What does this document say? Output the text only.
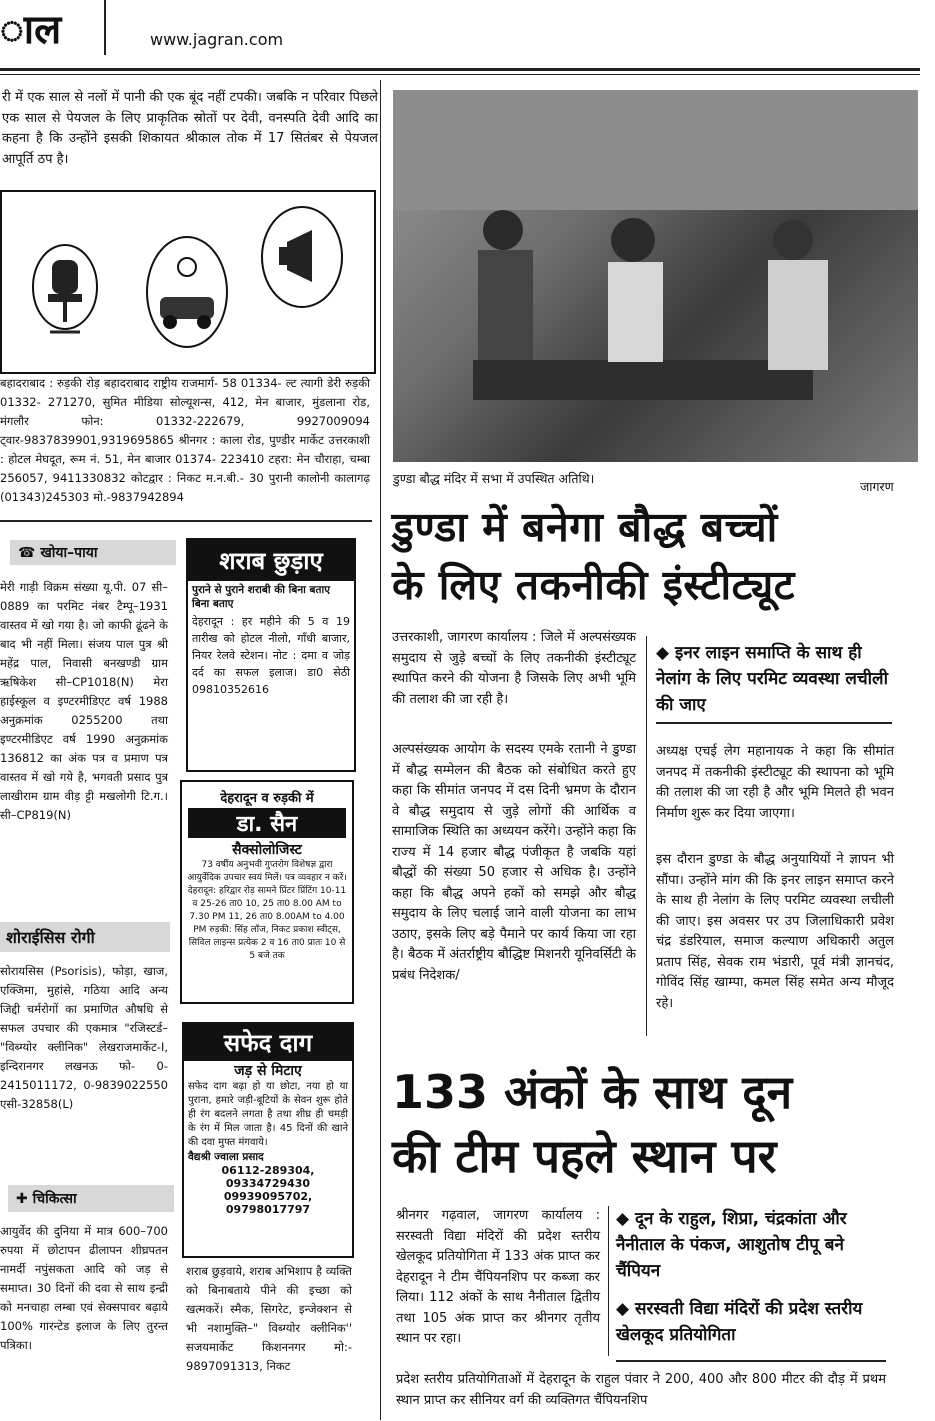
ाल	www.jagran.com
री में एक साल से नलों में पानी की एक बूंद नहीं टपकी। जबकि न परिवार पिछले एक साल से पेयजल के लिए प्राकृतिक स्रोतों पर देवी, वनस्पति देवी आदि का कहना है कि उन्होंने इसकी शिकायत श्रीकाल तोक में 17 सितंबर से पेयजल आपूर्ति ठप है।
बहादराबाद : रुड़की रोड़ बहादराबाद राष्ट्रीय राजमार्ग- 58 01334- ल्ट त्यागी डेरी रुड़की 01332- 271270, सुमित मीडिया सोल्यूशन्स, 412, मेन बाजार, मुंडलाना रोड, मंगलौर फोन: 01332-222679, 9927009094 ट्वार-9837839901,9319695865 श्रीनगर : काला रोड, पुण्डीर मार्केट उत्तरकाशी : होटल मेघदूत, रूम नं. 51, मेन बाजार 01374- 223410 टहरा: मेन चौराहा, चम्बा 256057, 9411330832 कोटद्वार : निकट म.न.बी.- 30 पुरानी कालोनी कालागढ़ (01343)245303 मो.-9837942894
☎ खोया–पाया
मेरी गाड़ी विक्रम संख्या यू.पी. 07 सी–0889 का परमिट नंबर टैम्पू–1931 वास्तव में खो गया है। जो काफी ढूंढने के बाद भी नहीं मिला। संजय पाल पुत्र श्री महेंद्र पाल, निवासी बनखण्डी ग्राम ऋषिकेश सी–CP1018(N) मेरा हाईस्कूल व इण्टरमीडिएट वर्ष 1988 अनुक्रमांक 0255200 तथा इण्टरमीडिएट वर्ष 1990 अनुक्रमांक 136812 का अंक पत्र व प्रमाण पत्र वास्तव में खो गये है, भगवती प्रसाद पुत्र लाखीराम ग्राम वीड़ ट्टी मखलोगी टि.ग.। सी–CP819(N)
शोराईसिस रोगी
सोरायसिस (Psorisis), फोड़ा, खाज, एक्जिमा, मुहांसे, गठिया आदि अन्य जिद्दी चर्मरोगों का प्रमाणित औषधि से सफल उपचार की एकमात्र "रजिस्टर्ड– "विब्ग्योर क्लीनिक" लेखराजमार्केट-I, इन्दिरानगर लखनऊ फो- 0-2415011172, 0-9839022550 एसी-32858(L)
✚ चिकित्सा
आयुर्वेद की दुनिया में मात्र 600–700 रुपया में छोटापन ढीलापन शीघ्रपतन नामर्दी नपुंसकता आदि को जड़ से समाप्त। 30 दिनों की दवा से साथ इन्द्री को मनचाहा लम्बा एवं सेक्सपावर बढ़ाये 100% गारन्टेड इलाज के लिए तुरन्त पत्रिका।
शराब छुड़ाए
पुराने से पुराने शराबी की बिना बताए बिना बताए
देहरादून : हर महीने की 5 व 19 तारीख को होटल नीलो, गाँधी बाजार, नियर रेलवे स्टेशन। नोट : दमा व जोड़ दर्द का सफल इलाज। डा0 सेठी 09810352616
देहरादून व रुड़की में
डा. सैन
सैक्सोलोजिस्ट
73 वर्षीय अनुभवी गुप्तरोग विशेषज्ञ द्वारा आयुर्वेदिक उपचार स्वयं मिलें। पत्र व्यवहार न करें। देहरादून: हरिद्वार रोड़ सामने प्रिंटर प्रिंटिंग 10-11 व 25-26 ता0 10, 25 ता0 8.00 AM to 7.30 PM 11, 26 ता0 8.00AM to 4.00 PM रुड़की: सिंह लॉज, निकट प्रकाश स्वीट्स, सिविल लाइन्स प्रत्येक 2 व 16 ता0 प्रातः 10 से 5 बजे तक
सफेद दाग
जड़ से मिटाए
सफेद दाग बढ़ा हो या छोटा, नया हो या पुराना, हमारे जड़ी-बूटियों के सेवन शुरू होते ही रंग बदलने लगता है तथा शीघ्र ही चमड़ी के रंग में मिल जाता है। 45 दिनों की खाने की दवा मुफ्त मंगवाये।
वैद्यश्री ज्वाला प्रसाद
06112-289304, 09334729430 09939095702, 09798017797
शराब छुड़वाये, शराब अभिशाप है व्यक्ति को बिनाबताये पीने की इच्छा को खत्मकरें। स्मैक, सिगरेट, इन्जेक्शन से भी नशामुक्ति–" विब्ग्योर क्लीनिक'' सजयमार्केट किशननगर मो:- 9897091313, निकट
डुण्डा बौद्ध मंदिर में सभा में उपस्थित अतिथि।
जागरण
डुण्डा में बनेगा बौद्ध बच्चों
के लिए तकनीकी इंस्टीट्यूट
उत्तरकाशी, जागरण कार्यालय : जिले में अल्पसंख्यक समुदाय से जुड़े बच्चों के लिए तकनीकी इंस्टीट्यूट स्थापित करने की योजना है जिसके लिए अभी भूमि की तलाश की जा रही है।
अल्पसंख्यक आयोग के सदस्य एमके रतानी ने डुण्डा में बौद्ध सम्मेलन की बैठक को संबोधित करते हुए कहा कि सीमांत जनपद में दस दिनी भ्रमण के दौरान वे बौद्ध समुदाय से जुड़े लोगों की आर्थिक व सामाजिक स्थिति का अध्ययन करेंगे। उन्होंने कहा कि राज्य में 14 हजार बौद्ध पंजीकृत है जबकि यहां बौद्धों की संख्या 50 हजार से अधिक है। उन्होंने कहा कि बौद्ध अपने हकों को समझे और बौद्ध समुदाय के लिए चलाई जाने वाली योजना का लाभ उठाए, इसके लिए बड़े पैमाने पर कार्य किया जा रहा है। बैठक में अंतर्राष्ट्रीय बौद्धिष्ट मिशनरी यूनिवर्सिटी के प्रबंध निदेशक/
◆ इनर लाइन समाप्ति के साथ ही नेलांग के लिए परमिट व्यवस्था लचीली की जाए
अध्यक्ष एचई लेग महानायक ने कहा कि सीमांत जनपद में तकनीकी इंस्टीट्यूट की स्थापना को भूमि की तलाश की जा रही है और भूमि मिलते ही भवन निर्माण शुरू कर दिया जाएगा।
इस दौरान डुण्डा के बौद्ध अनुयायियों ने ज्ञापन भी सौंपा। उन्होंने मांग की कि इनर लाइन समाप्त करने के साथ ही नेलांग के लिए परमिट व्यवस्था लचीली की जाए। इस अवसर पर उप जिलाधिकारी प्रवेश चंद्र डंडरियाल, समाज कल्याण अधिकारी अतुल प्रताप सिंह, सेवक राम भंडारी, पूर्व मंत्री ज्ञानचंद, गोविंद सिंह खाम्पा, कमल सिंह समेत अन्य मौजूद रहे।
133 अंकों के साथ दून
की टीम पहले स्थान पर
श्रीनगर गढ़वाल, जागरण कार्यालय : सरस्वती विद्या मंदिरों की प्रदेश स्तरीय खेलकूद प्रतियोगिता में 133 अंक प्राप्त कर देहरादून ने टीम चैंपियनशिप पर कब्जा कर लिया। 112 अंकों के साथ नैनीताल द्वितीय तथा 105 अंक प्राप्त कर श्रीनगर तृतीय स्थान पर रहा।
◆ दून के राहुल, शिप्रा, चंद्रकांता और नैनीताल के पंकज, आशुतोष टीपू बने चैंपियन
◆ सरस्वती विद्या मंदिरों की प्रदेश स्तरीय खेलकूद प्रतियोगिता
प्रदेश स्तरीय प्रतियोगिताओं में देहरादून के राहुल पंवार ने 200, 400 और 800 मीटर की दौड़ में प्रथम स्थान प्राप्त कर सीनियर वर्ग की व्यक्तिगत चैंपियनशिप
